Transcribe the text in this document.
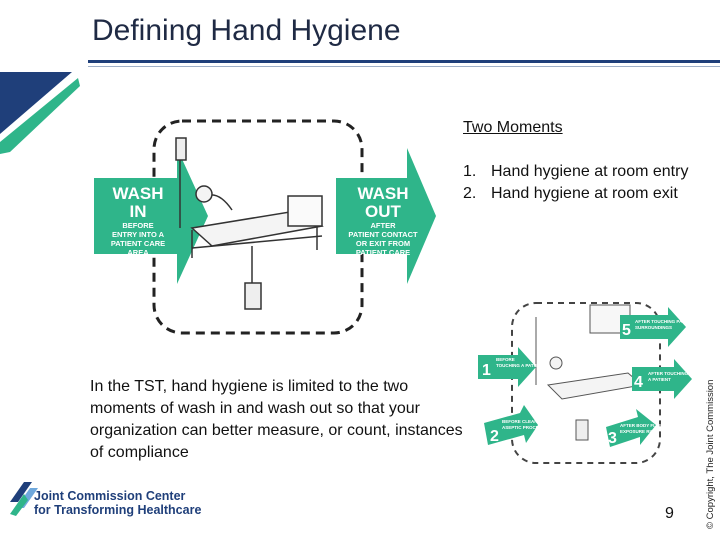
Defining Hand Hygiene
WASH
IN
BEFORE
ENTRY INTO A
PATIENT CARE
AREA
WASH
OUT
AFTER
PATIENT CONTACT
OR EXIT FROM
PATIENT CARE
AREA
Two Moments
1. Hand hygiene at room entry
2. Hand hygiene at room exit
1
BEFORE
TOUCHING A PATIENT
2
BEFORE CLEAN/
ASEPTIC PROCEDURE
3
AFTER BODY FLUID
EXPOSURE RISK
4
AFTER TOUCHING
A PATIENT
5
AFTER TOUCHING PATIENT
SURROUNDINGS

In the TST, hand hygiene is limited to the two moments of wash in and wash out so that your organization can better measure, or count, instances of compliance	© Copyright, The Joint Commission
9
Joint Commission Center
for Transforming Healthcare
